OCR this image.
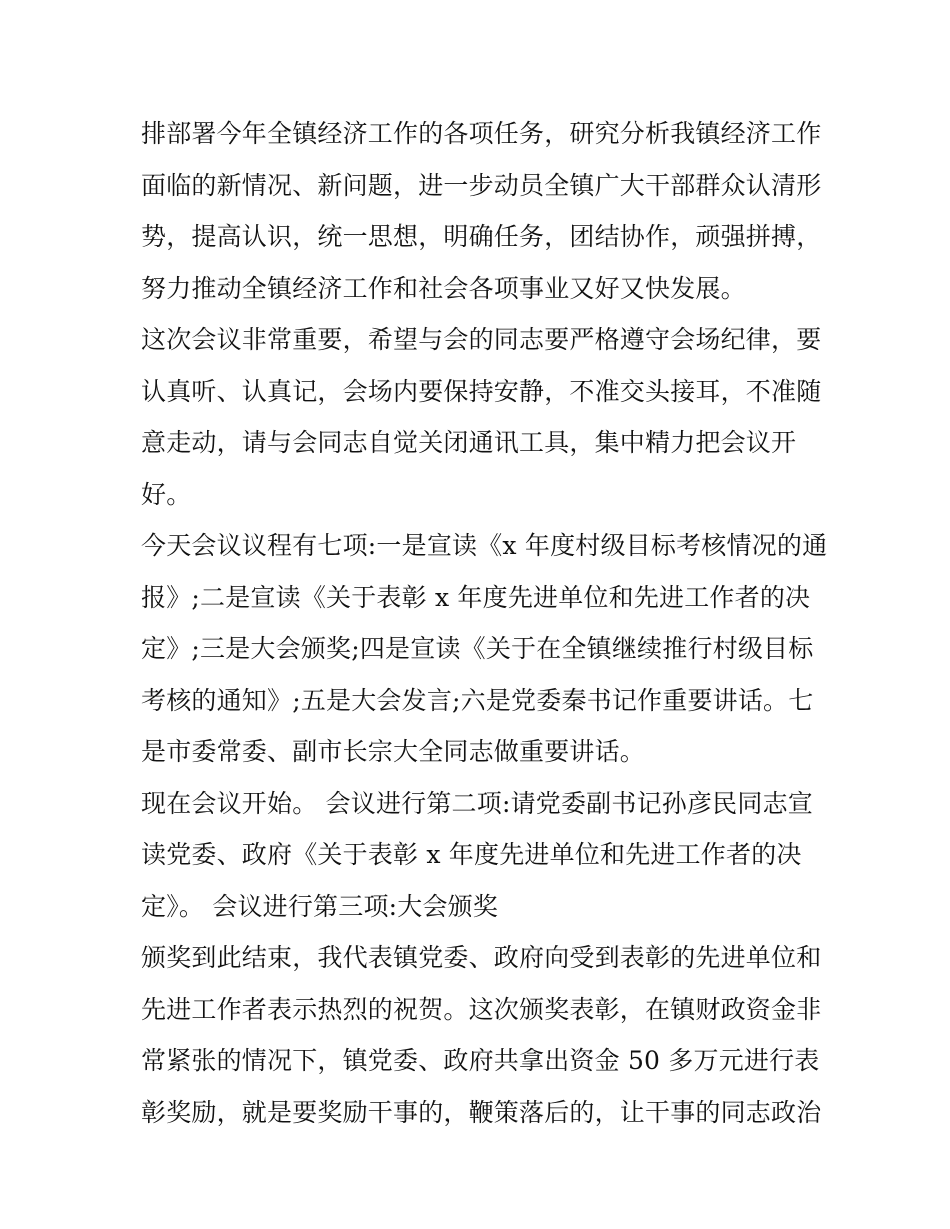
排部署今年全镇经济工作的各项任务，研究分析我镇经济工作
面临的新情况、新问题，进一步动员全镇广大干部群众认清形
势，提高认识，统一思想，明确任务，团结协作，顽强拼搏，
努力推动全镇经济工作和社会各项事业又好又快发展。
这次会议非常重要，希望与会的同志要严格遵守会场纪律，要
认真听、认真记，会场内要保持安静，不准交头接耳，不准随
意走动，请与会同志自觉关闭通讯工具，集中精力把会议开
好。
今天会议议程有七项:一是宣读《x 年度村级目标考核情况的通
报》;二是宣读《关于表彰 x 年度先进单位和先进工作者的决
定》;三是大会颁奖;四是宣读《关于在全镇继续推行村级目标
考核的通知》;五是大会发言;六是党委秦书记作重要讲话。七
是市委常委、副市长宗大全同志做重要讲话。
现在会议开始。 会议进行第二项:请党委副书记孙彦民同志宣
读党委、政府《关于表彰 x 年度先进单位和先进工作者的决
定》。 会议进行第三项:大会颁奖
颁奖到此结束，我代表镇党委、政府向受到表彰的先进单位和
先进工作者表示热烈的祝贺。这次颁奖表彰，在镇财政资金非
常紧张的情况下，镇党委、政府共拿出资金 50 多万元进行表
彰奖励，就是要奖励干事的，鞭策落后的，让干事的同志政治
